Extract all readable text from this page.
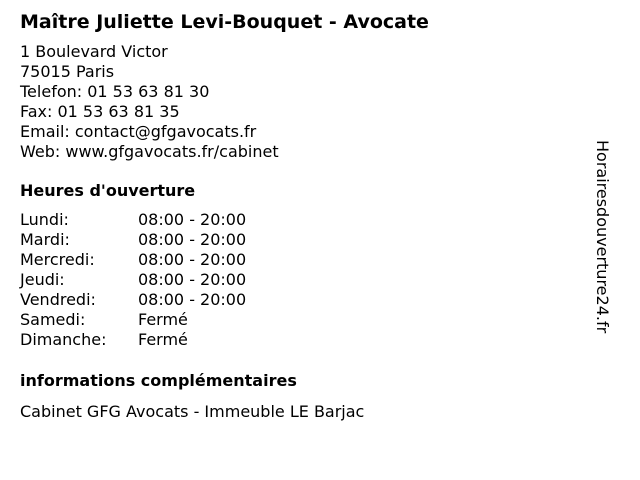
Maître Juliette Levi-Bouquet - Avocate
1 Boulevard Victor
75015 Paris
Telefon: 01 53 63 81 30
Fax: 01 53 63 81 35
Email: contact@gfgavocats.fr
Web: www.gfgavocats.fr/cabinet
Heures d'ouverture
Lundi:	08:00 - 20:00
Mardi:	08:00 - 20:00
Mercredi:	08:00 - 20:00
Jeudi:	08:00 - 20:00
Vendredi:	08:00 - 20:00
Samedi:	Fermé
Dimanche:	Fermé
informations complémentaires
Cabinet GFG Avocats - Immeuble LE Barjac
Horairesdouverture24.fr
